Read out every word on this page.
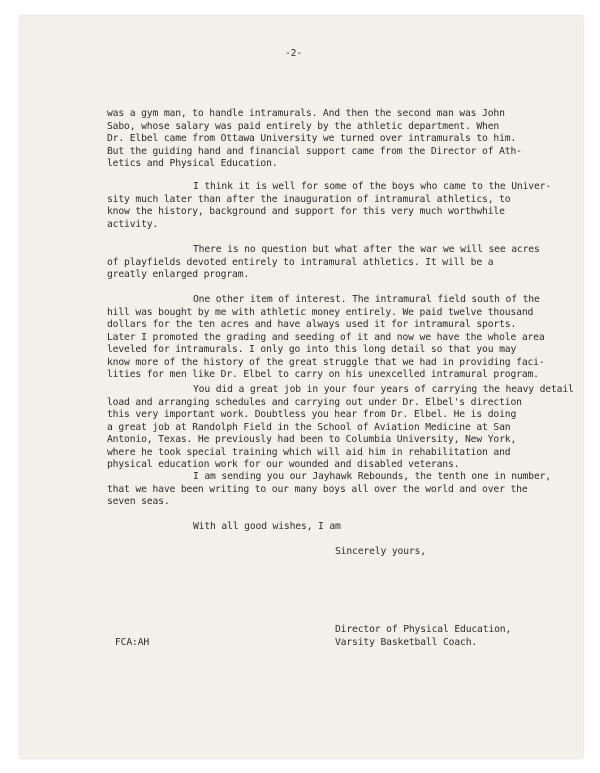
-2-
was a gym man, to handle intramurals. And then the second man was John
Sabo, whose salary was paid entirely by the athletic department. When
Dr. Elbel came from Ottawa University we turned over intramurals to him.
But the guiding hand and financial support came from the Director of Ath-
letics and Physical Education.
I think it is well for some of the boys who came to the Univer-
sity much later than after the inauguration of intramural athletics, to
know the history, background and support for this very much worthwhile
activity.
There is no question but what after the war we will see acres
of playfields devoted entirely to intramural athletics. It will be a
greatly enlarged program.
One other item of interest. The intramural field south of the
hill was bought by me with athletic money entirely. We paid twelve thousand
dollars for the ten acres and have always used it for intramural sports.
Later I promoted the grading and seeding of it and now we have the whole area
leveled for intramurals. I only go into this long detail so that you may
know more of the history of the great struggle that we had in providing faci-
lities for men like Dr. Elbel to carry on his unexcelled intramural program.
You did a great job in your four years of carrying the heavy detail
load and arranging schedules and carrying out under Dr. Elbel's direction
this very important work. Doubtless you hear from Dr. Elbel. He is doing
a great job at Randolph Field in the School of Aviation Medicine at San
Antonio, Texas. He previously had been to Columbia University, New York,
where he took special training which will aid him in rehabilitation and
physical education work for our wounded and disabled veterans.
I am sending you our Jayhawk Rebounds, the tenth one in number,
that we have been writing to our many boys all over the world and over the
seven seas.
With all good wishes, I am
Sincerely yours,
Director of Physical Education,
Varsity Basketball Coach.
FCA:AH
